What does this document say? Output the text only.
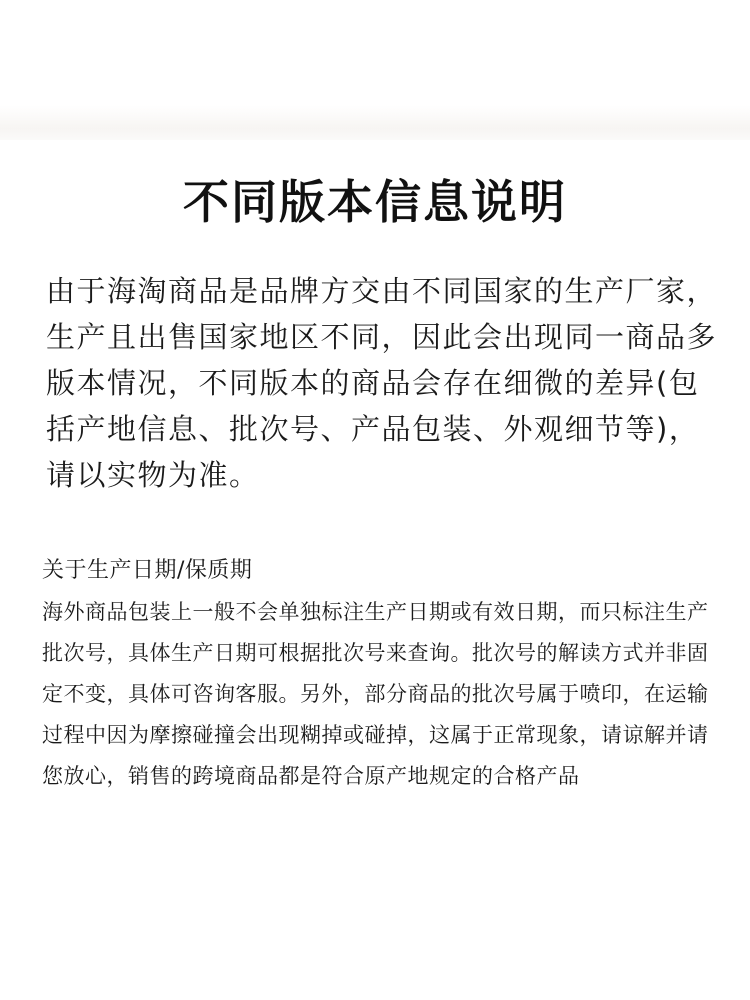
不同版本信息说明

由于海淘商品是品牌方交由不同国家的生产厂家，生产且出售国家地区不同，因此会出现同一商品多版本情况，不同版本的商品会存在细微的差异(包括产地信息、批次号、产品包装、外观细节等)，请以实物为准。

关于生产日期/保质期

海外商品包装上一般不会单独标注生产日期或有效日期，而只标注生产批次号，具体生产日期可根据批次号来查询。批次号的解读方式并非固定不变，具体可咨询客服。另外，部分商品的批次号属于喷印，在运输过程中因为摩擦碰撞会出现糊掉或碰掉，这属于正常现象，请谅解并请您放心，销售的跨境商品都是符合原产地规定的合格产品
